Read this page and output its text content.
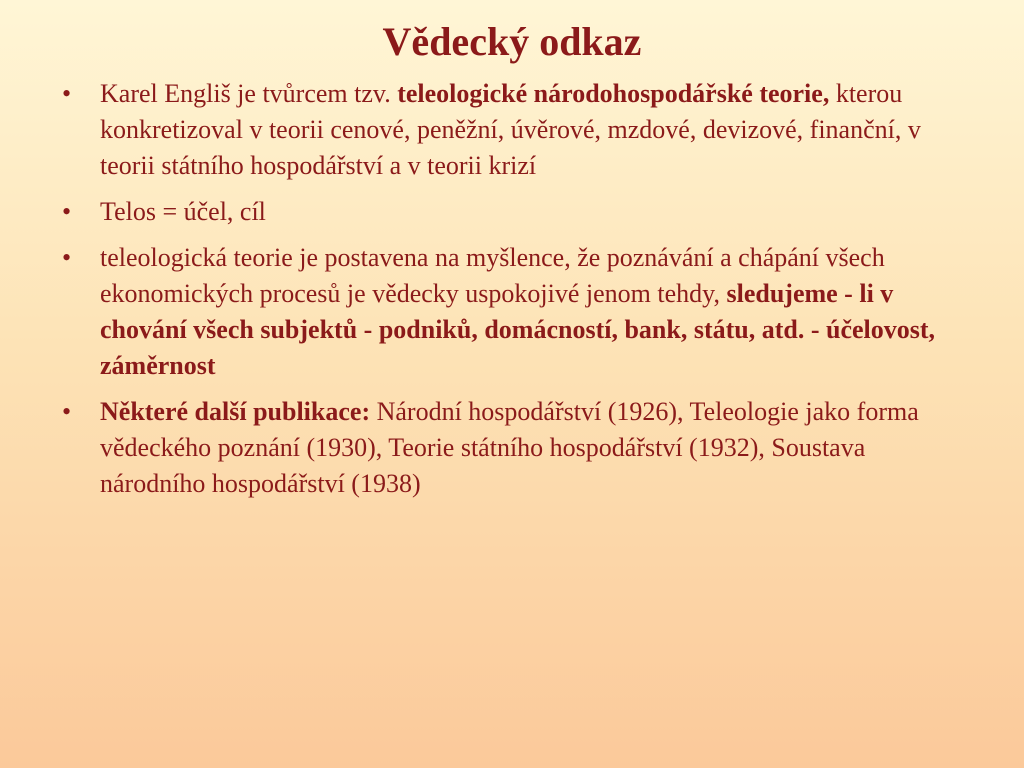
Vědecký odkaz
• Karel Engliš je tvůrcem tzv. teleologické národohospodářské teorie, kterou konkretizoval v teorii cenové, peněžní, úvěrové, mzdové, devizové, finanční, v teorii státního hospodářství a v teorii krizí
• Telos = účel, cíl
• teleologická teorie je postavena na myšlence, že poznávání a chápání všech ekonomických procesů je vědecky uspokojivé jenom tehdy, sledujeme - li v chování všech subjektů - podniků, domácností, bank, státu, atd. - účelovost, záměrnost
• Některé další publikace: Národní hospodářství (1926), Teleologie jako forma vědeckého poznání (1930), Teorie státního hospodářství (1932), Soustava národního hospodářství (1938)
